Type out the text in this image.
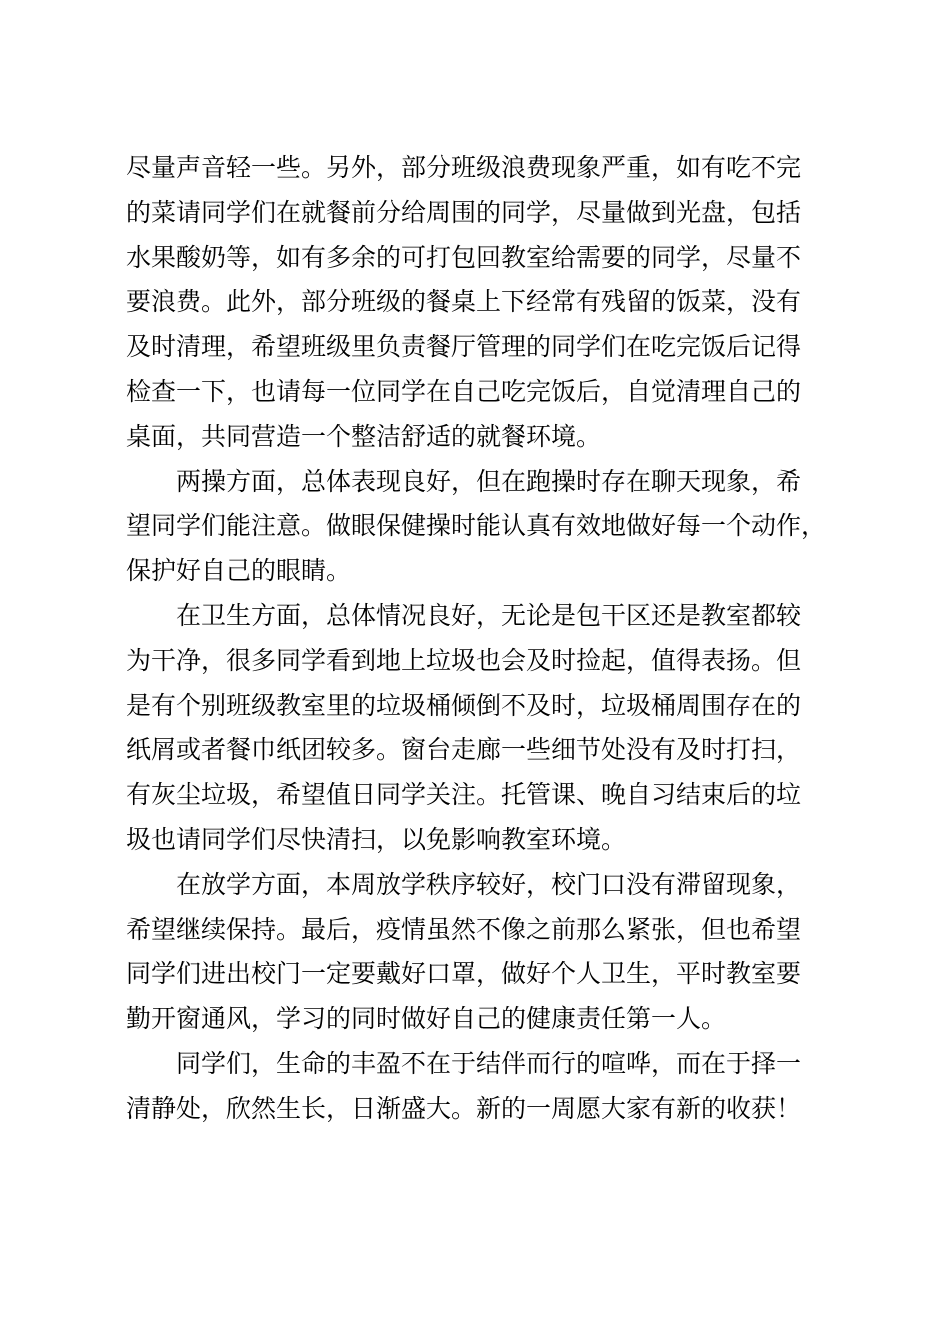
尽量声音轻一些。另外，部分班级浪费现象严重，如有吃不完
的菜请同学们在就餐前分给周围的同学，尽量做到光盘，包括
水果酸奶等，如有多余的可打包回教室给需要的同学，尽量不
要浪费。此外，部分班级的餐桌上下经常有残留的饭菜，没有
及时清理，希望班级里负责餐厅管理的同学们在吃完饭后记得
检查一下，也请每一位同学在自己吃完饭后，自觉清理自己的
桌面，共同营造一个整洁舒适的就餐环境。
两操方面，总体表现良好，但在跑操时存在聊天现象，希
望同学们能注意。做眼保健操时能认真有效地做好每一个动作，
保护好自己的眼睛。
在卫生方面，总体情况良好，无论是包干区还是教室都较
为干净，很多同学看到地上垃圾也会及时捡起，值得表扬。但
是有个别班级教室里的垃圾桶倾倒不及时，垃圾桶周围存在的
纸屑或者餐巾纸团较多。窗台走廊一些细节处没有及时打扫，
有灰尘垃圾，希望值日同学关注。托管课、晚自习结束后的垃
圾也请同学们尽快清扫，以免影响教室环境。
在放学方面，本周放学秩序较好，校门口没有滞留现象，
希望继续保持。最后，疫情虽然不像之前那么紧张，但也希望
同学们进出校门一定要戴好口罩，做好个人卫生，平时教室要
勤开窗通风，学习的同时做好自己的健康责任第一人。
同学们，生命的丰盈不在于结伴而行的喧哗，而在于择一
清静处，欣然生长，日渐盛大。新的一周愿大家有新的收获！
